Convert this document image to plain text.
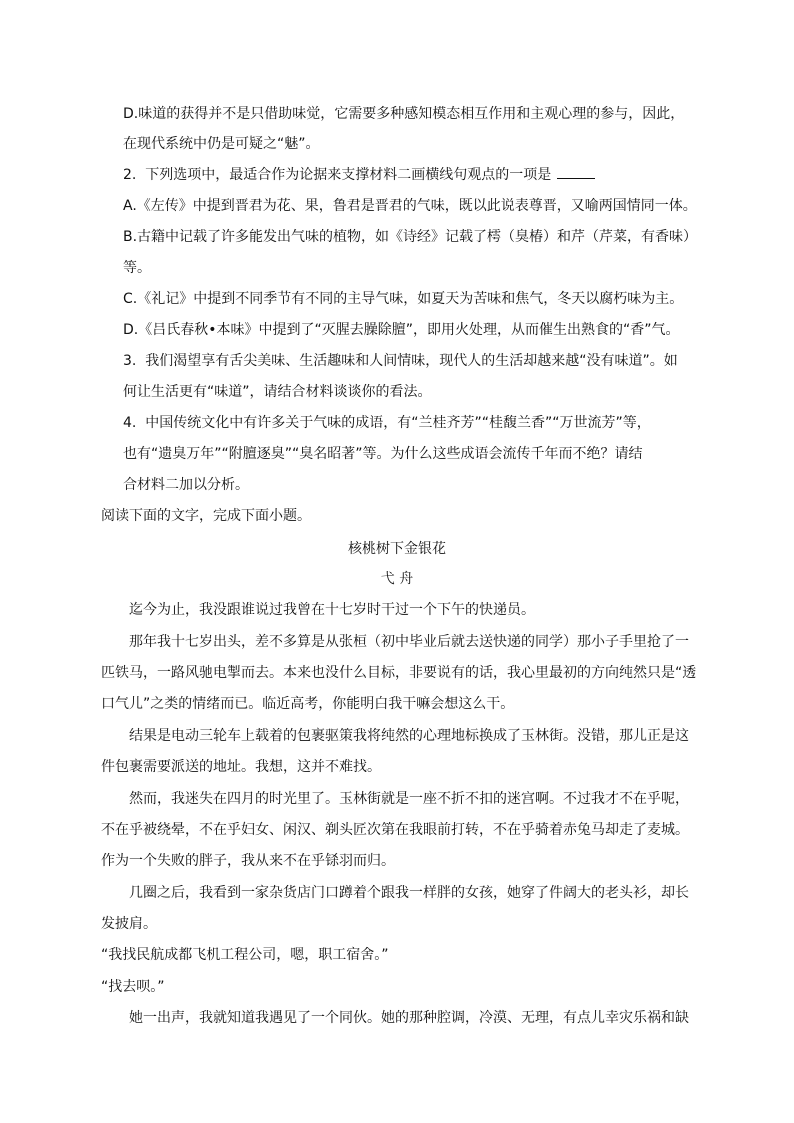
D.味道的获得并不是只借助味觉，它需要多种感知模态相互作用和主观心理的参与，因此，
在现代系统中仍是可疑之“魅”。
2.  下列选项中，最适合作为论据来支撑材料二画横线句观点的一项是
A.《左传》中提到晋君为花、果，鲁君是晋君的气味，既以此说表尊晋，又喻两国情同一体。
B.古籍中记载了许多能发出气味的植物，如《诗经》记载了樗（臭椿）和芹（芹菜，有香味）
等。
C.《礼记》中提到不同季节有不同的主导气味，如夏天为苦味和焦气，冬天以腐朽味为主。
D.《吕氏春秋•本味》中提到了“灭腥去臊除膻”，即用火处理，从而催生出熟食的“香”气。
3.  我们渴望享有舌尖美味、生活趣味和人间情味，现代人的生活却越来越“没有味道”。如
何让生活更有“味道”，请结合材料谈谈你的看法。
4.  中国传统文化中有许多关于气味的成语，有“兰桂齐芳”“桂馥兰香”“万世流芳”等，
也有“遗臭万年”“附膻逐臭”“臭名昭著”等。为什么这些成语会流传千年而不绝？请结
合材料二加以分析。
阅读下面的文字，完成下面小题。
核桃树下金银花
弋 舟
迄今为止，我没跟谁说过我曾在十七岁时干过一个下午的快递员。
那年我十七岁出头，差不多算是从张桓（初中毕业后就去送快递的同学）那小子手里抢了一
匹铁马，一路风驰电掣而去。本来也没什么目标，非要说有的话，我心里最初的方向纯然只是“透
口气儿”之类的情绪而已。临近高考，你能明白我干嘛会想这么干。
结果是电动三轮车上载着的包裹驱策我将纯然的心理地标换成了玉林街。没错，那儿正是这
件包裹需要派送的地址。我想，这并不难找。
然而，我迷失在四月的时光里了。玉林街就是一座不折不扣的迷宫啊。不过我才不在乎呢，
不在乎被绕晕，不在乎妇女、闲汉、剃头匠次第在我眼前打转，不在乎骑着赤兔马却走了麦城。
作为一个失败的胖子，我从来不在乎铩羽而归。
几圈之后，我看到一家杂货店门口蹲着个跟我一样胖的女孩，她穿了件阔大的老头衫，却长
发披肩。
“我找民航成都飞机工程公司，嗯，职工宿舍。”
“找去呗。”
她一出声，我就知道我遇见了一个同伙。她的那种腔调，冷漠、无理，有点儿幸灾乐祸和缺
